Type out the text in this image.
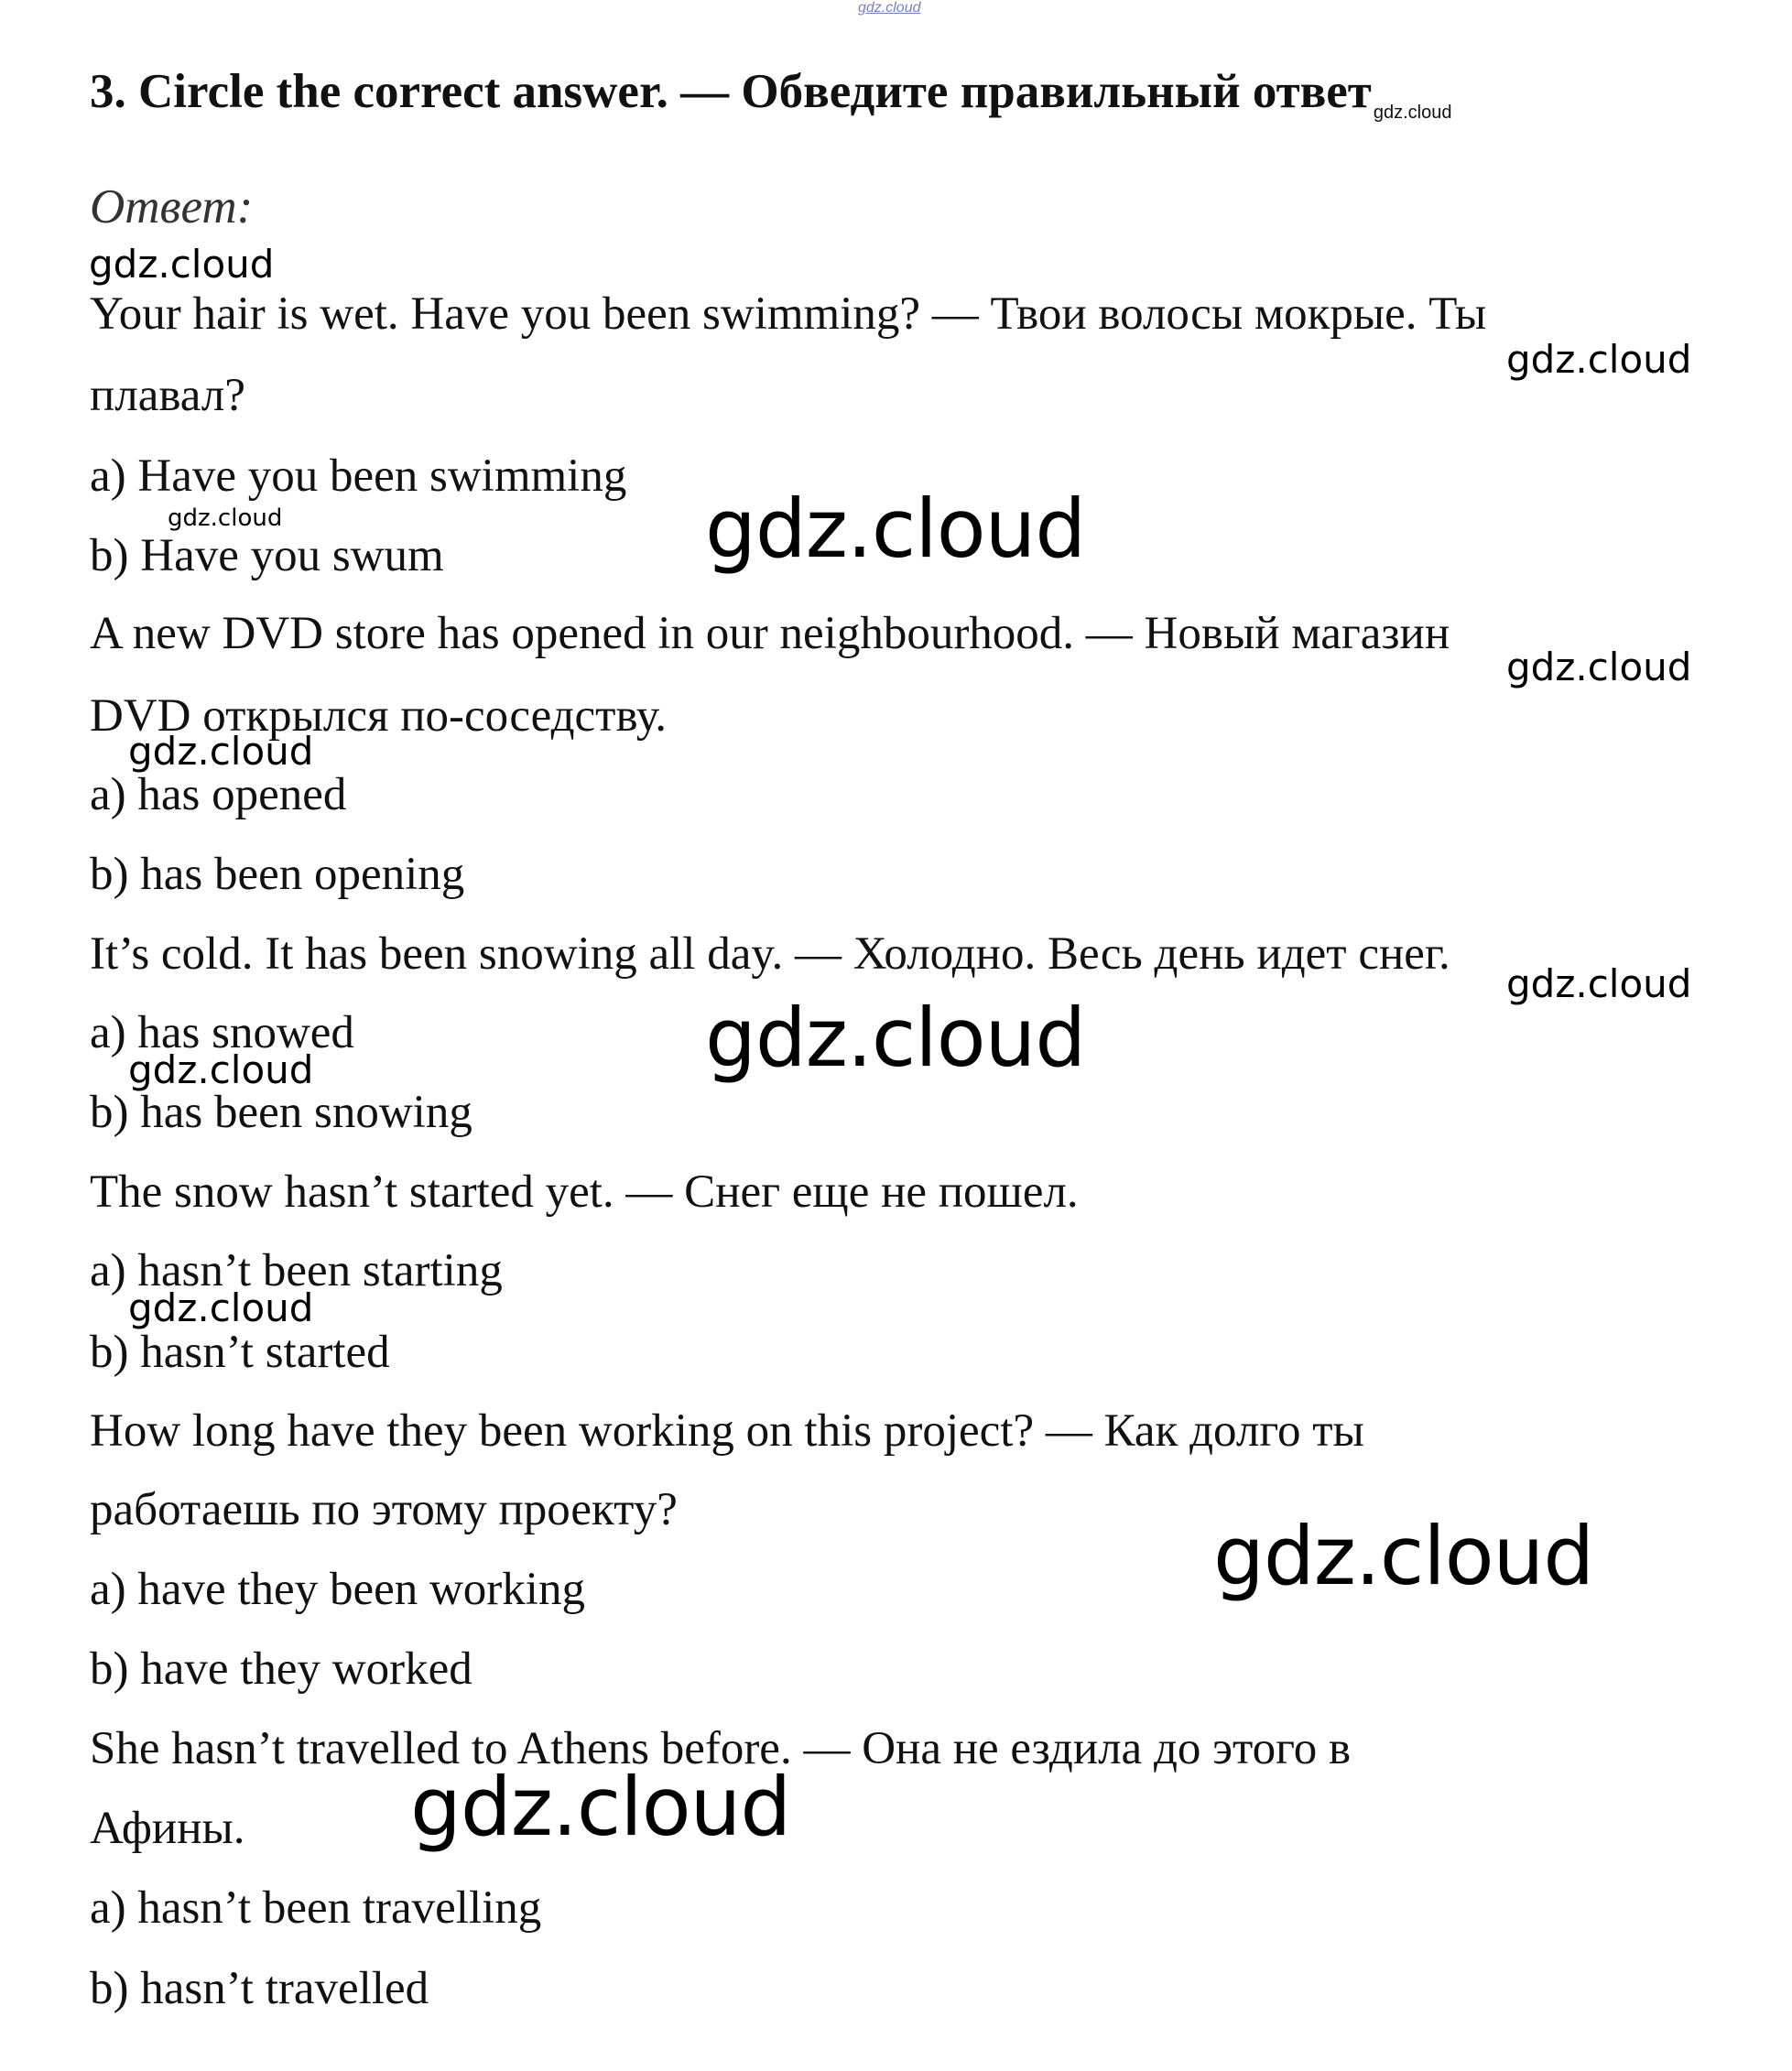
gdz.cloud
3. Circle the correct answer. — Обведите правильный ответ $_{gdz.cloud}$
Ответ:
Your hair is wet. Have you been swimming? — Твои волосы мокрые. Ты
плавал?
a) Have you been swimming
b) Have you swum
A new DVD store has opened in our neighbourhood. — Новый магазин
DVD открылся по-соседству.
a) has opened
b) has been opening
It’s cold. It has been snowing all day. — Холодно. Весь день идет снег.
a) has snowed
b) has been snowing
The snow hasn’t started yet. — Снег еще не пошел.
a) hasn’t been starting
b) hasn’t started
How long have they been working on this project? — Как долго ты
работаешь по этому проекту?
a) have they been working
b) have they worked
She hasn’t travelled to Athens before. — Она не ездила до этого в
Афины.
a) hasn’t been travelling
b) hasn’t travelled
gdz.cloud
gdz.cloud
gdz.cloud	gdz.cloud
gdz.cloud
gdz.cloud
gdz.cloud
gdz.cloud
gdz.cloud
gdz.cloud
gdz.cloud
gdz.cloud
